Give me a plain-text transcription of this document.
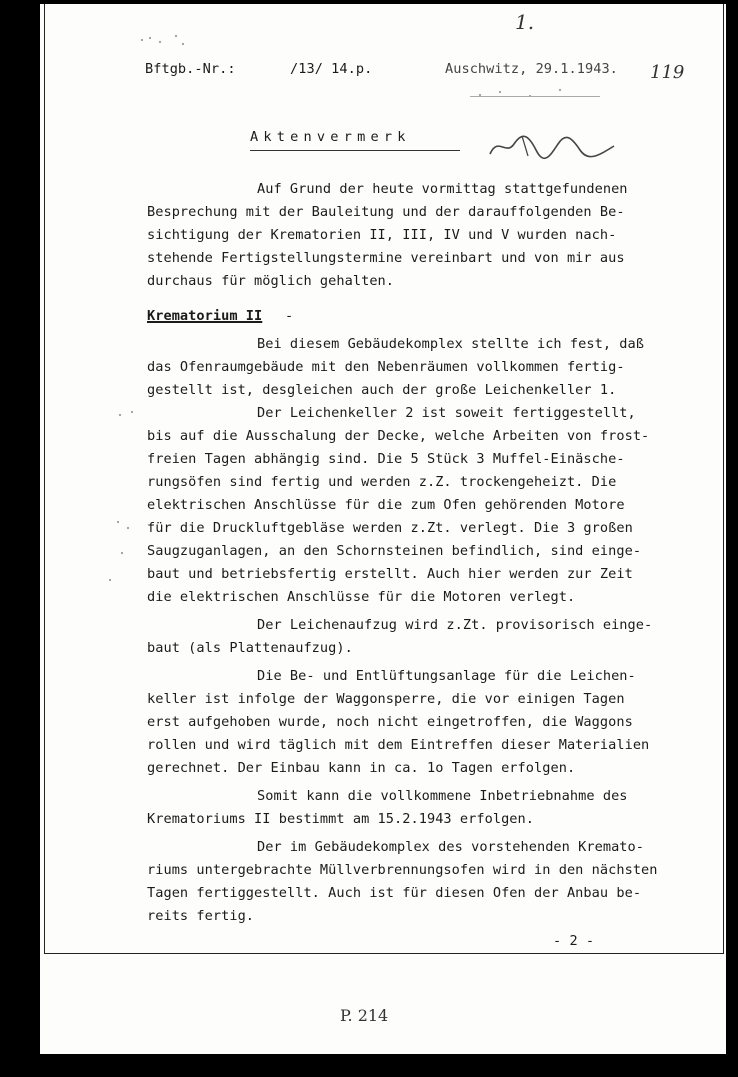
1.
Bftgb.-Nr.:	/13/ 14.p.	Auschwitz, 29.1.1943. 119
Aktenvermerk
Auf Grund der heute vormittag stattgefundenen
Besprechung mit der Bauleitung und der darauffolgenden Be-
sichtigung der Krematorien II, III, IV und V wurden nach-
stehende Fertigstellungstermine vereinbart und von mir aus
durchaus für möglich gehalten.
Krematorium II -
Bei diesem Gebäudekomplex stellte ich fest, daß
das Ofenraumgebäude mit den Nebenräumen vollkommen fertig-
gestellt ist, desgleichen auch der große Leichenkeller 1.
Der Leichenkeller 2 ist soweit fertiggestellt,
bis auf die Ausschalung der Decke, welche Arbeiten von frost-
freien Tagen abhängig sind. Die 5 Stück 3 Muffel-Einäsche-
rungsöfen sind fertig und werden z.Z. trockengeheizt. Die
elektrischen Anschlüsse für die zum Ofen gehörenden Motore
für die Druckluftgebläse werden z.Zt. verlegt. Die 3 großen
Saugzuganlagen, an den Schornsteinen befindlich, sind einge-
baut und betriebsfertig erstellt. Auch hier werden zur Zeit
die elektrischen Anschlüsse für die Motoren verlegt.
Der Leichenaufzug wird z.Zt. provisorisch einge-
baut (als Plattenaufzug).
Die Be- und Entlüftungsanlage für die Leichen-
keller ist infolge der Waggonsperre, die vor einigen Tagen
erst aufgehoben wurde, noch nicht eingetroffen, die Waggons
rollen und wird täglich mit dem Eintreffen dieser Materialien
gerechnet. Der Einbau kann in ca. 1o Tagen erfolgen.
Somit kann die vollkommene Inbetriebnahme des
Krematoriums II bestimmt am 15.2.1943 erfolgen.
Der im Gebäudekomplex des vorstehenden Kremato-
riums untergebrachte Müllverbrennungsofen wird in den nächsten
Tagen fertiggestellt. Auch ist für diesen Ofen der Anbau be-
reits fertig.
- 2 -
P. 214
